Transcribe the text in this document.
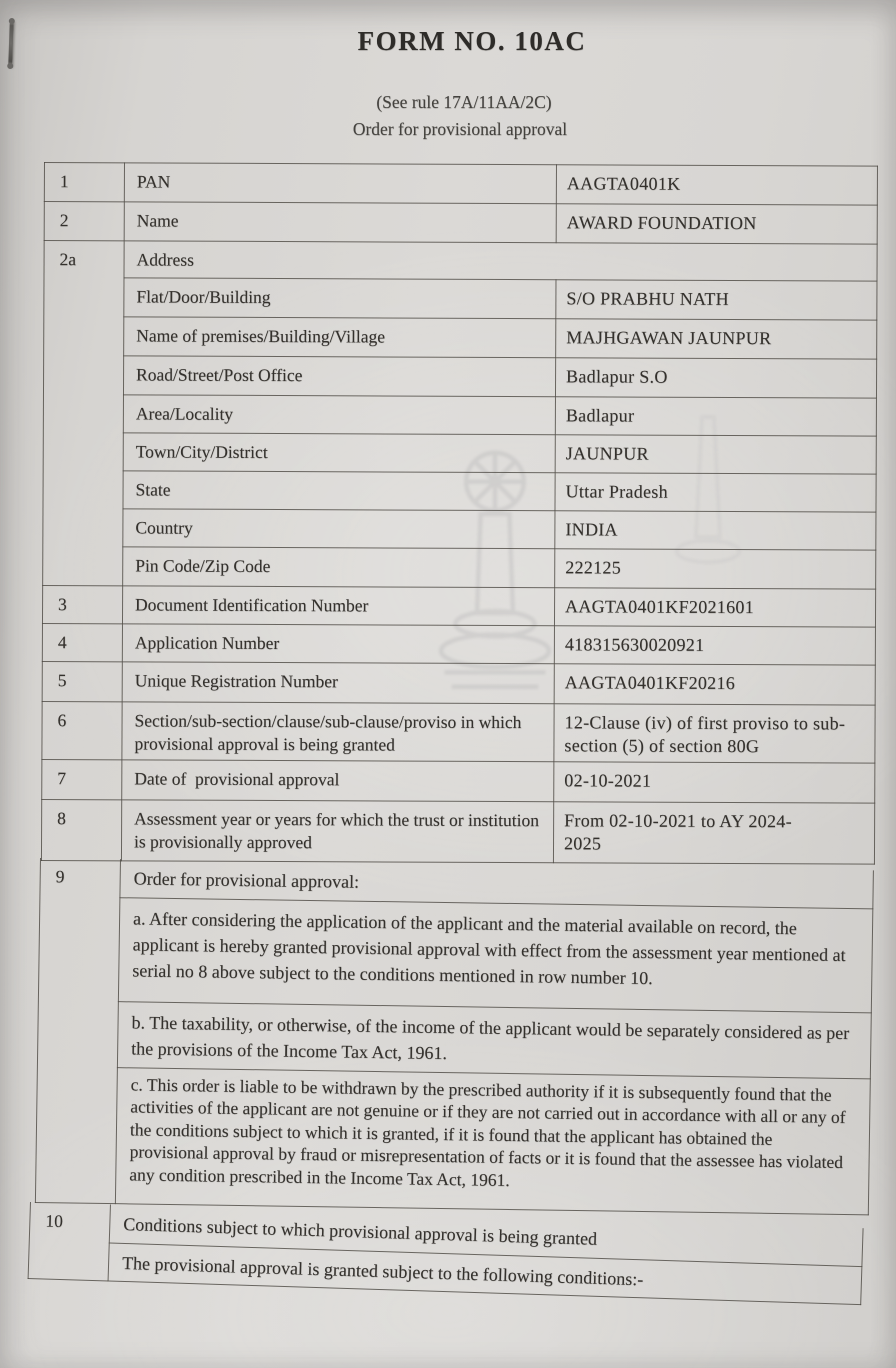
FORM NO. 10AC
(See rule 17A/11AA/2C)
Order for provisional approval
1	PAN	AAGTA0401K
2	Name	AWARD FOUNDATION
2a	Address	
	Flat/Door/Building	S/O PRABHU NATH
	Name of premises/Building/Village	MAJHGAWAN JAUNPUR
	Road/Street/Post Office	Badlapur S.O
	Area/Locality	Badlapur
	Town/City/District	JAUNPUR
	State	Uttar Pradesh
	Country	INDIA
	Pin Code/Zip Code	222125
3	Document Identification Number	AAGTA0401KF2021601
4	Application Number	418315630020921
5	Unique Registration Number	AAGTA0401KF20216
6	Section/sub-section/clause/sub-clause/proviso in which provisional approval is being granted	12-Clause (iv) of first proviso to sub-section (5) of section 80G
7	Date of  provisional approval	02-10-2021
8	Assessment year or years for which the trust or institution is provisionally approved	From 02-10-2021 to AY 2024-2025
9	Order for provisional approval:
a. After considering the application of the applicant and the material available on record, the applicant is hereby granted provisional approval with effect from the assessment year mentioned at serial no 8 above subject to the conditions mentioned in row number 10.
b. The taxability, or otherwise, of the income of the applicant would be separately considered as per the provisions of the Income Tax Act, 1961.
c. This order is liable to be withdrawn by the prescribed authority if it is subsequently found that the activities of the applicant are not genuine or if they are not carried out in accordance with all or any of the conditions subject to which it is granted, if it is found that the applicant has obtained the provisional approval by fraud or misrepresentation of facts or it is found that the assessee has violated any condition prescribed in the Income Tax Act, 1961.
10	Conditions subject to which provisional approval is being granted
The provisional approval is granted subject to the following conditions:-
